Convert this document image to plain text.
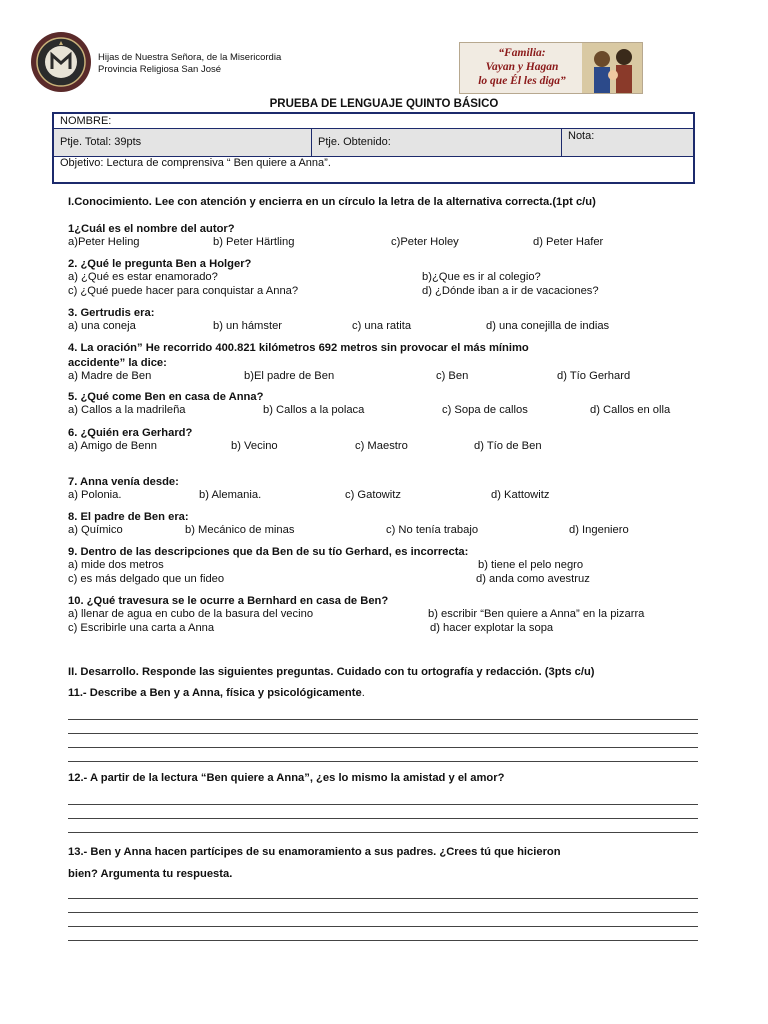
Hijas de Nuestra Señora, de la Misericordia
Provincia Religiosa San José
“Familia:
Vayan y Hagan
lo que Él les diga”
PRUEBA DE LENGUAJE QUINTO BÁSICO
NOMBRE:
Ptje. Total: 39pts	Ptje. Obtenido:	Nota:
Objetivo: Lectura de comprensiva “ Ben quiere a Anna”.
I.Conocimiento. Lee con atención y encierra en un círculo la letra de la alternativa correcta.(1pt c/u)
1¿Cuál es el nombre del autor?
a)Peter Heling	b) Peter Härtling	c)Peter Holey	d) Peter Hafer
2. ¿Qué le pregunta Ben a Holger?
a) ¿Qué es estar enamorado?	b)¿Que es ir al colegio?
c) ¿Qué puede hacer para conquistar a Anna?	d) ¿Dónde iban a ir de vacaciones?
3. Gertrudis era:
a) una coneja	b) un hámster	c) una ratita	d) una conejilla de indias
4. La oración” He recorrido 400.821 kilómetros 692 metros sin provocar el más mínimo
accidente” la dice:
a) Madre de Ben	b)El padre de Ben	c) Ben	d) Tío Gerhard
5. ¿Qué come Ben en casa de Anna?
a) Callos a la madrileña	b) Callos a la polaca	c) Sopa de callos	d) Callos en olla
6. ¿Quién era Gerhard?
a) Amigo de Benn	b) Vecino	c) Maestro	d) Tío de Ben
7. Anna venía desde:
a) Polonia.	b) Alemania.	c) Gatowitz	d) Kattowitz
8. El padre de Ben era:
a) Químico	b) Mecánico de minas	c) No tenía trabajo	d) Ingeniero
9. Dentro de las descripciones que da Ben de su tío Gerhard, es incorrecta:
a) mide dos metros	b) tiene el pelo negro
c) es más delgado que un fideo	d) anda como avestruz
10. ¿Qué travesura se le ocurre a Bernhard en casa de Ben?
a) llenar de agua en cubo de la basura del vecino	b) escribir “Ben quiere a Anna” en la pizarra
c) Escribirle una carta a Anna	d) hacer explotar la sopa
II. Desarrollo. Responde las siguientes preguntas. Cuidado con tu ortografía y redacción. (3pts c/u)
11.- Describe a Ben y a Anna, física y psicológicamente.
12.- A partir de la lectura “Ben quiere a Anna”, ¿es lo mismo la amistad y el amor?
13.- Ben y Anna hacen partícipes de su enamoramiento a sus padres. ¿Crees tú que hicieron
bien? Argumenta tu respuesta.
